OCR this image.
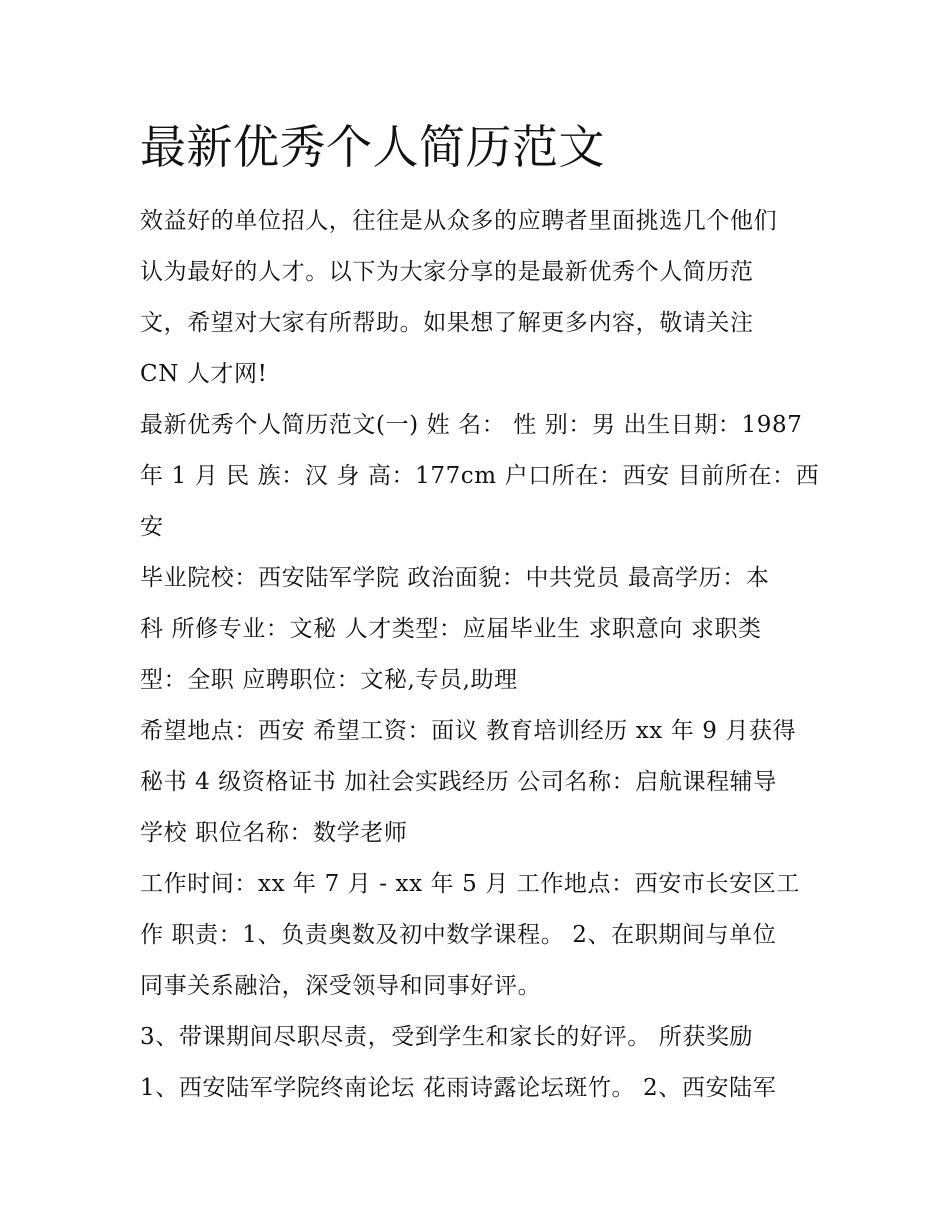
最新优秀个人简历范文

效益好的单位招人，往往是从众多的应聘者里面挑选几个他们
认为最好的人才。以下为大家分享的是最新优秀个人简历范
文，希望对大家有所帮助。如果想了解更多内容，敬请关注
CN 人才网!

最新优秀个人简历范文(一) 姓 名： 性 别：男 出生日期：1987
年 1 月 民 族：汉 身 高：177cm 户口所在：西安 目前所在：西
安

毕业院校：西安陆军学院 政治面貌：中共党员 最高学历：本
科 所修专业：文秘 人才类型：应届毕业生 求职意向 求职类
型：全职 应聘职位：文秘,专员,助理

希望地点：西安 希望工资：面议 教育培训经历 xx 年 9 月获得
秘书 4 级资格证书 加社会实践经历 公司名称：启航课程辅导
学校 职位名称：数学老师

工作时间：xx 年 7 月 - xx 年 5 月 工作地点：西安市长安区工
作 职责：1、负责奥数及初中数学课程。 2、在职期间与单位
同事关系融洽，深受领导和同事好评。

3、带课期间尽职尽责，受到学生和家长的好评。 所获奖励
1、西安陆军学院终南论坛 花雨诗露论坛斑竹。 2、西安陆军
